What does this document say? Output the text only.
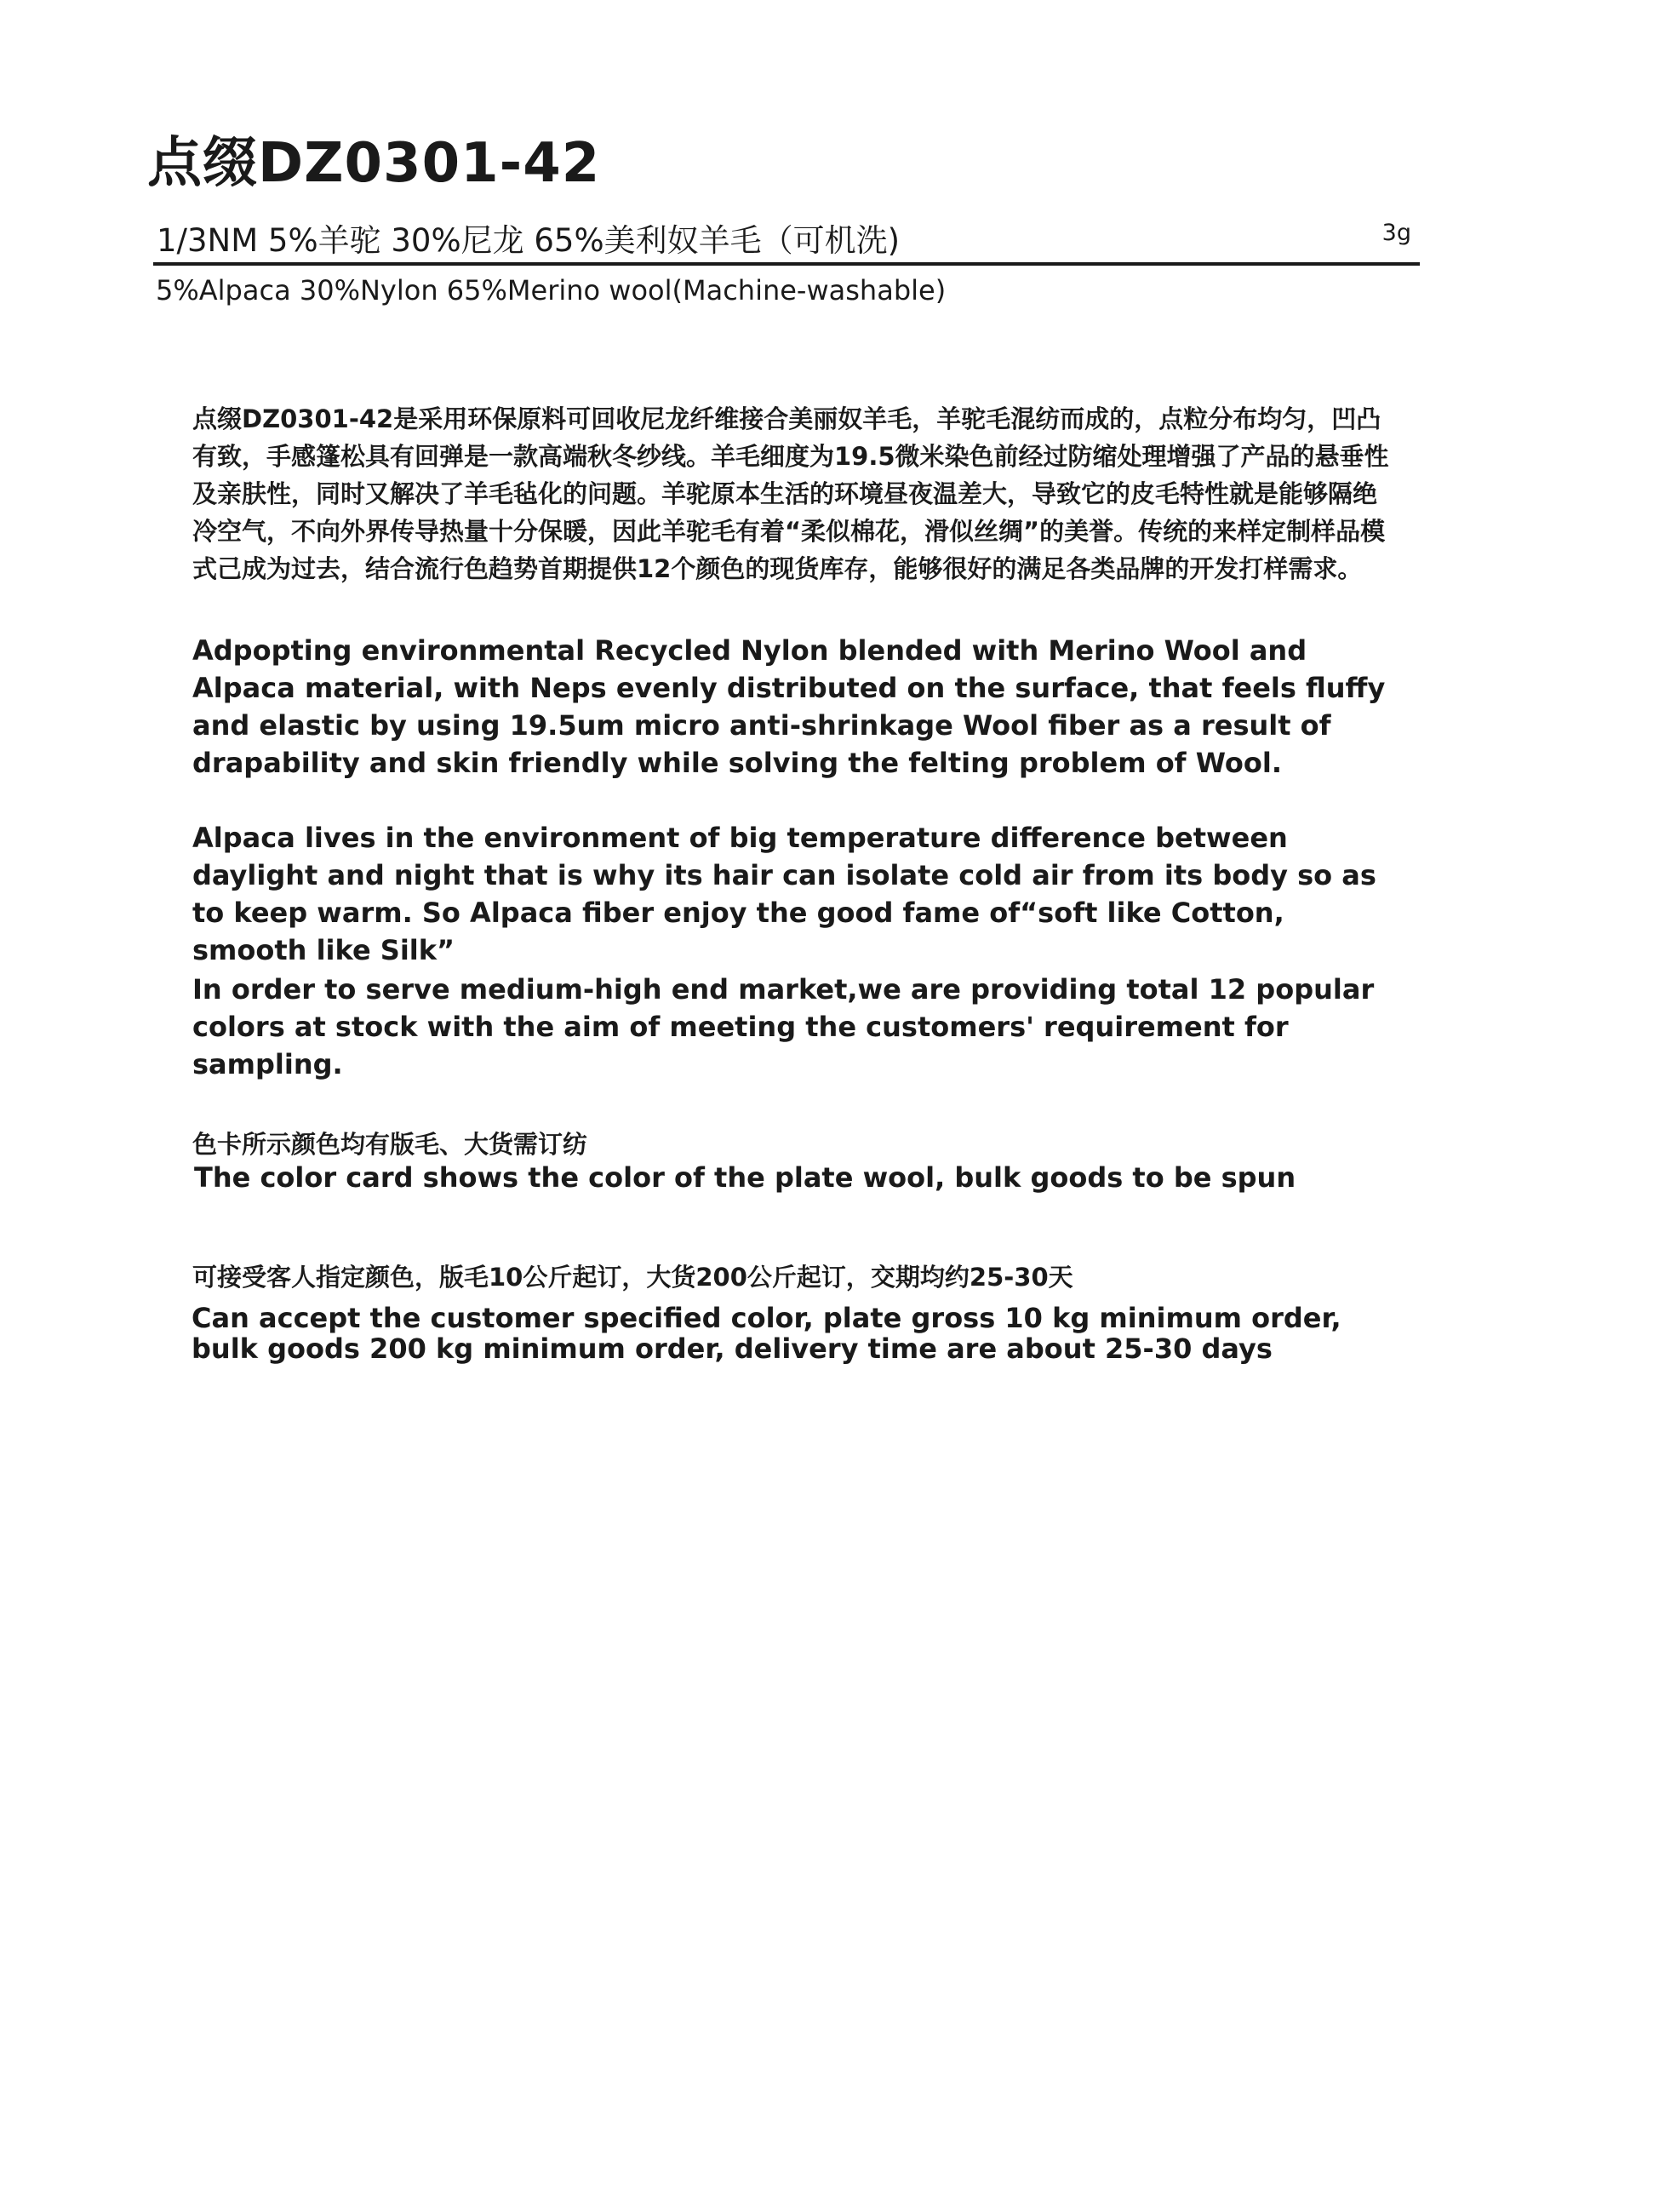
点缀DZ0301-42
1/3NM 5%羊驼 30%尼龙 65%美利奴羊毛（可机洗)	3g
5%Alpaca 30%Nylon 65%Merino wool(Machine-washable)
点缀DZ0301-42是采用环保原料可回收尼龙纤维接合美丽奴羊毛，羊驼毛混纺而成的，点粒分布均匀，凹凸有致，手感篷松具有回弹是一款高端秋冬纱线。羊毛细度为19.5微米染色前经过防缩处理增强了产品的悬垂性及亲肤性，同时又解决了羊毛毡化的问题。羊驼原本生活的环境昼夜温差大，导致它的皮毛特性就是能够隔绝冷空气，不向外界传导热量十分保暖，因此羊驼毛有着“柔似棉花，滑似丝绸”的美誉。传统的来样定制样品模式己成为过去，结合流行色趋势首期提供12个颜色的现货库存，能够很好的满足各类品牌的开发打样需求。
Adpopting environmental Recycled Nylon blended with Merino Wool and Alpaca material, with Neps evenly distributed on the surface, that feels fluffy and elastic by using 19.5um micro anti-shrinkage Wool fiber as a result of drapability and skin friendly while solving the felting problem of Wool.
Alpaca lives in the environment of big temperature difference between daylight and night that is why its hair can isolate cold air from its body so as to keep warm. So Alpaca fiber enjoy the good fame of“soft like Cotton, smooth like Silk”
In order to serve medium-high end market,we are providing total 12 popular colors at stock with the aim of meeting the customers' requirement for sampling.
色卡所示颜色均有版毛、大货需订纺
The color card shows the color of the plate wool, bulk goods to be spun
可接受客人指定颜色，版毛10公斤起订，大货200公斤起订，交期均约25-30天
Can accept the customer specified color, plate gross 10 kg minimum order, bulk goods 200 kg minimum order, delivery time are about 25-30 days
